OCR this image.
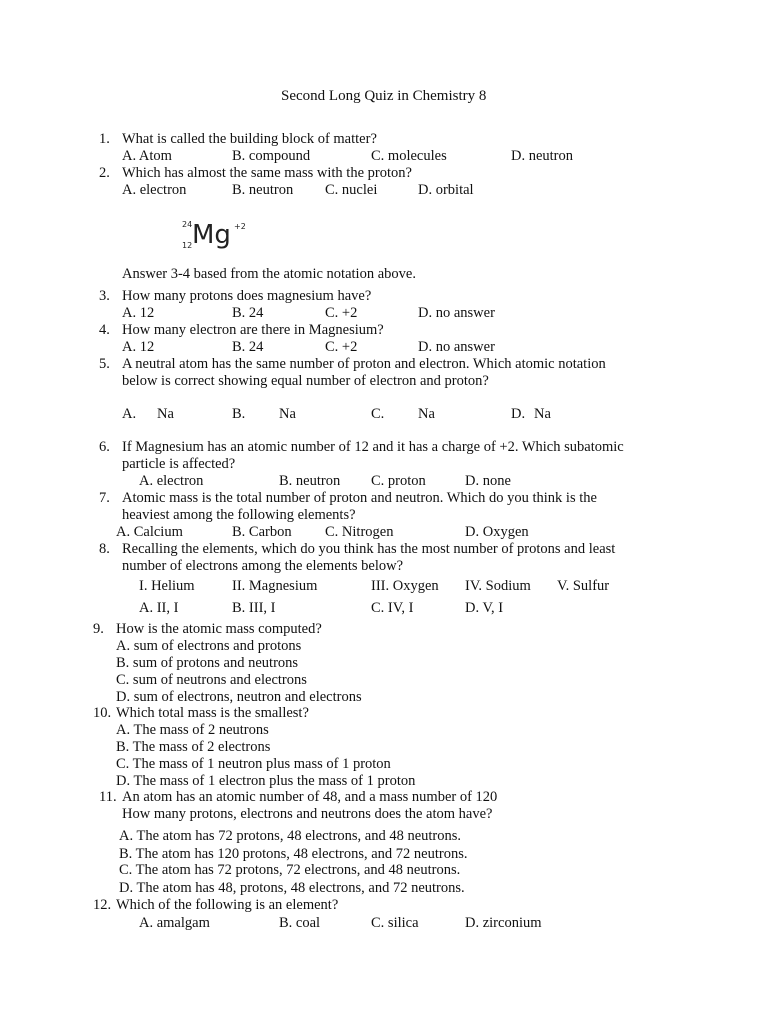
Second Long Quiz in Chemistry 8
1. What is called the building block of matter?
A. Atom	B. compound	C. molecules	D. neutron
2. Which has almost the same mass with the proton?
A. electron	B. neutron C. nuclei	D. orbital
24
12 Mg +2
Answer 3-4 based from the atomic notation above.
3. How many protons does magnesium have?
A. 12	B. 24	C. +2	D. no answer
4. How many electron are there in Magnesium?
A. 12	B. 24	C. +2	D. no answer
5. A neutral atom has the same number of proton and electron. Which atomic notation
below is correct showing equal number of electron and proton?
A. Na	B. Na	C. Na	D. Na
6. If Magnesium has an atomic number of 12 and it has a charge of +2. Which subatomic
particle is affected?
A. electron	B. neutron C. proton	D. none
7. Atomic mass is the total number of proton and neutron. Which do you think is the
heaviest among the following elements?
A. Calcium	B. Carbon C. Nitrogen	D. Oxygen
8. Recalling the elements, which do you think has the most number of protons and least
number of electrons among the elements below?
I. Helium	II. Magnesium	III. Oxygen IV. Sodium V. Sulfur
A. II, I	B. III, I	C. IV, I	D. V, I
9. How is the atomic mass computed?
A. sum of electrons and protons
B. sum of protons and neutrons
C. sum of neutrons and electrons
D. sum of electrons, neutron and electrons
10. Which total mass is the smallest?
A. The mass of 2 neutrons
B. The mass of 2 electrons
C. The mass of 1 neutron plus mass of 1 proton
D. The mass of 1 electron plus the mass of 1 proton
11. An atom has an atomic number of 48, and a mass number of 120
How many protons, electrons and neutrons does the atom have?
A. The atom has 72 protons, 48 electrons, and 48 neutrons.
B. The atom has 120 protons, 48 electrons, and 72 neutrons.
C. The atom has 72 protons, 72 electrons, and 48 neutrons.
D. The atom has 48, protons, 48 electrons, and 72 neutrons.
12. Which of the following is an element?
A. amalgam	B. coal	C. silica	D. zirconium
